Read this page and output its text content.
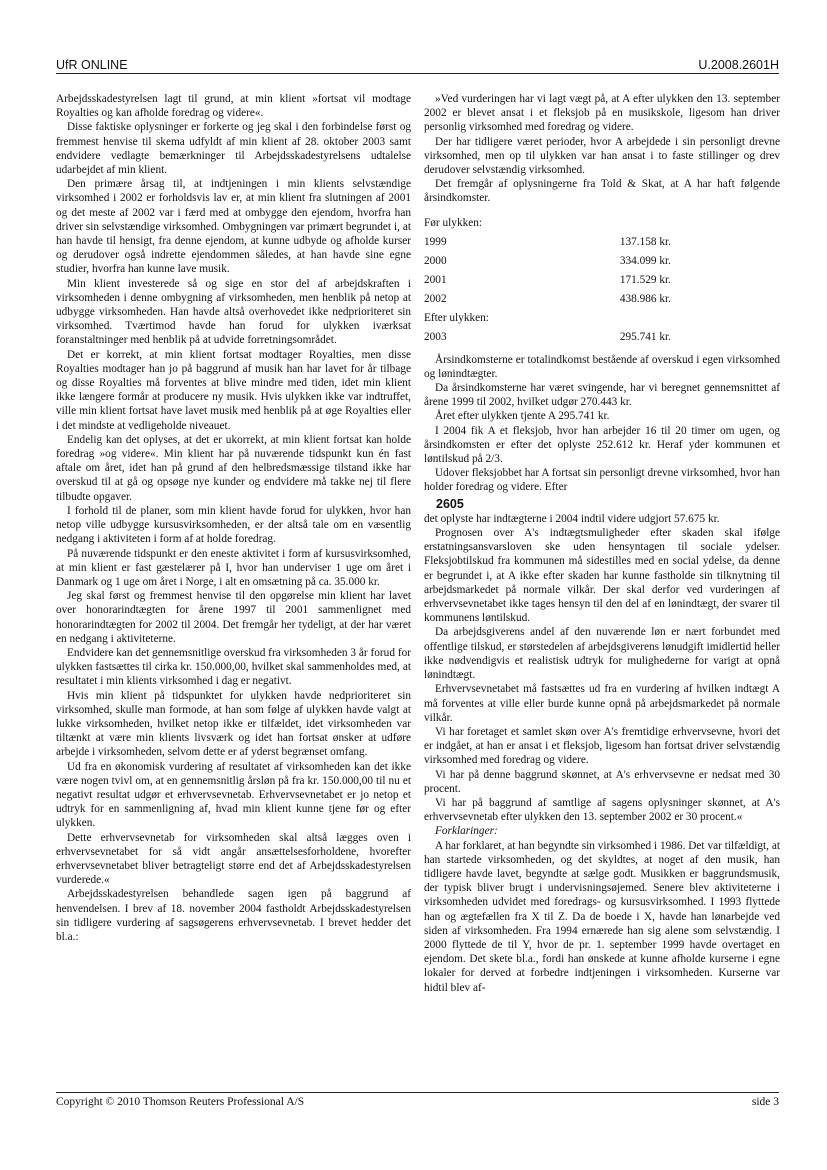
UfR ONLINE	U.2008.2601H

Arbejdsskadestyrelsen lagt til grund, at min klient »fortsat vil modtage Royalties og kan afholde foredrag og videre«.

Disse faktiske oplysninger er forkerte og jeg skal i den forbindelse først og fremmest henvise til skema udfyldt af min klient af 28. oktober 2003 samt endvidere vedlagte bemærkninger til Arbejdsskadestyrelsens udtalelse udarbejdet af min klient.

Den primære årsag til, at indtjeningen i min klients selvstændige virksomhed i 2002 er forholdsvis lav er, at min klient fra slutningen af 2001 og det meste af 2002 var i færd med at ombygge den ejendom, hvorfra han driver sin selvstændige virksomhed. Ombygningen var primært begrundet i, at han havde til hensigt, fra denne ejendom, at kunne udbyde og afholde kurser og derudover også indrette ejendommen således, at han havde sine egne studier, hvorfra han kunne lave musik.

Min klient investerede så og sige en stor del af arbejdskraften i virksomheden i denne ombygning af virksomheden, men henblik på netop at udbygge virksomheden. Han havde altså overhovedet ikke nedprioriteret sin virksomhed. Tværtimod havde han forud for ulykken iværksat foranstaltninger med henblik på at udvide forretningsområdet.

Det er korrekt, at min klient fortsat modtager Royalties, men disse Royalties modtager han jo på baggrund af musik han har lavet for år tilbage og disse Royalties må forventes at blive mindre med tiden, idet min klient ikke længere formår at producere ny musik. Hvis ulykken ikke var indtruffet, ville min klient fortsat have lavet musik med henblik på at øge Royalties eller i det mindste at vedligeholde niveauet.

Endelig kan det oplyses, at det er ukorrekt, at min klient fortsat kan holde foredrag »og videre«. Min klient har på nuværende tidspunkt kun én fast aftale om året, idet han på grund af den helbredsmæssige tilstand ikke har overskud til at gå og opsøge nye kunder og endvidere må takke nej til flere tilbudte opgaver.

I forhold til de planer, som min klient havde forud for ulykken, hvor han netop ville udbygge kursusvirksomheden, er der altså tale om en væsentlig nedgang i aktiviteten i form af at holde foredrag.

På nuværende tidspunkt er den eneste aktivitet i form af kursusvirksomhed, at min klient er fast gæstelærer på I, hvor han underviser 1 uge om året i Danmark og 1 uge om året i Norge, i alt en omsætning på ca. 35.000 kr.

Jeg skal først og fremmest henvise til den opgørelse min klient har lavet over honorarindtægten for årene 1997 til 2001 sammenlignet med honorarindtægten for 2002 til 2004. Det fremgår her tydeligt, at der har været en nedgang i aktiviteterne.

Endvidere kan det gennemsnitlige overskud fra virksomheden 3 år forud for ulykken fastsættes til cirka kr. 150.000,00, hvilket skal sammenholdes med, at resultatet i min klients virksomhed i dag er negativt.

Hvis min klient på tidspunktet for ulykken havde nedprioriteret sin virksomhed, skulle man formode, at han som følge af ulykken havde valgt at lukke virksomheden, hvilket netop ikke er tilfældet, idet virksomheden var tiltænkt at være min klients livsværk og idet han fortsat ønsker at udføre arbejde i virksomheden, selvom dette er af yderst begrænset omfang.

Ud fra en økonomisk vurdering af resultatet af virksomheden kan det ikke være nogen tvivl om, at en gennemsnitlig årsløn på fra kr. 150.000,00 til nu et negativt resultat udgør et erhvervsevnetab. Erhvervsevnetabet er jo netop et udtryk for en sammenligning af, hvad min klient kunne tjene før og efter ulykken.

Dette erhvervsevnetab for virksomheden skal altså lægges oven i erhvervsevnetabet for så vidt angår ansættelsesforholdene, hvorefter erhvervsevnetabet bliver betragteligt større end det af Arbejdsskadestyrelsen vurderede.«

Arbejdsskadestyrelsen behandlede sagen igen på baggrund af henvendelsen. I brev af 18. november 2004 fastholdt Arbejdsskadestyrelsen sin tidligere vurdering af sagsøgerens erhvervsevnetab. I brevet hedder det bl.a.:

»Ved vurderingen har vi lagt vægt på, at A efter ulykken den 13. september 2002 er blevet ansat i et fleksjob på en musikskole, ligesom han driver personlig virksomhed med foredrag og videre.

Der har tidligere været perioder, hvor A arbejdede i sin personligt drevne virksomhed, men op til ulykken var han ansat i to faste stillinger og drev derudover selvstændig virksomhed.

Det fremgår af oplysningerne fra Told & Skat, at A har haft følgende årsindkomster.

Før ulykken:
1999	137.158 kr.
2000	334.099 kr.
2001	171.529 kr.
2002	438.986 kr.
Efter ulykken:
2003	295.741 kr.

Årsindkomsterne er totalindkomst bestående af overskud i egen virksomhed og lønindtægter.

Da årsindkomsterne har været svingende, har vi beregnet gennemsnittet af årene 1999 til 2002, hvilket udgør 270.443 kr.

Året efter ulykken tjente A 295.741 kr.

I 2004 fik A et fleksjob, hvor han arbejder 16 til 20 timer om ugen, og årsindkomsten er efter det oplyste 252.612 kr. Heraf yder kommunen et løntilskud på 2/3.

Udover fleksjobbet har A fortsat sin personligt drevne virksomhed, hvor han holder foredrag og videre. Efter

2605

det oplyste har indtægterne i 2004 indtil videre udgjort 57.675 kr.

Prognosen over A's indtægtsmuligheder efter skaden skal ifølge erstatningsansvarsloven ske uden hensyntagen til sociale ydelser. Fleksjobtilskud fra kommunen må sidestilles med en social ydelse, da denne er begrundet i, at A ikke efter skaden har kunne fastholde sin tilknytning til arbejdsmarkedet på normale vilkår. Der skal derfor ved vurderingen af erhvervsevnetabet ikke tages hensyn til den del af en lønindtægt, der svarer til kommunens løntilskud.

Da arbejdsgiverens andel af den nuværende løn er nært forbundet med offentlige tilskud, er størstedelen af arbejdsgiverens lønudgift imidlertid heller ikke nødvendigvis et realistisk udtryk for mulighederne for varigt at opnå lønindtægt.

Erhvervsevnetabet må fastsættes ud fra en vurdering af hvilken indtægt A må forventes at ville eller burde kunne opnå på arbejdsmarkedet på normale vilkår.

Vi har foretaget et samlet skøn over A's fremtidige erhvervsevne, hvori det er indgået, at han er ansat i et fleksjob, ligesom han fortsat driver selvstændig virksomhed med foredrag og videre.

Vi har på denne baggrund skønnet, at A's erhvervsevne er nedsat med 30 procent.

Vi har på baggrund af samtlige af sagens oplysninger skønnet, at A's erhvervsevnetab efter ulykken den 13. september 2002 er 30 procent.«

Forklaringer:

A har forklaret, at han begyndte sin virksomhed i 1986. Det var tilfældigt, at han startede virksomheden, og det skyldtes, at noget af den musik, han tidligere havde lavet, begyndte at sælge godt. Musikken er baggrundsmusik, der typisk bliver brugt i undervisningsøjemed. Senere blev aktiviteterne i virksomheden udvidet med foredrags- og kursusvirksomhed. I 1993 flyttede han og ægtefællen fra X til Z. Da de boede i X, havde han lønarbejde ved siden af virksomheden. Fra 1994 ernærede han sig alene som selvstændig. I 2000 flyttede de til Y, hvor de pr. 1. september 1999 havde overtaget en ejendom. Det skete bl.a., fordi han ønskede at kunne afholde kurserne i egne lokaler for derved at forbedre indtjeningen i virksomheden. Kurserne var hidtil blev af-

Copyright © 2010 Thomson Reuters Professional A/S	side 3
